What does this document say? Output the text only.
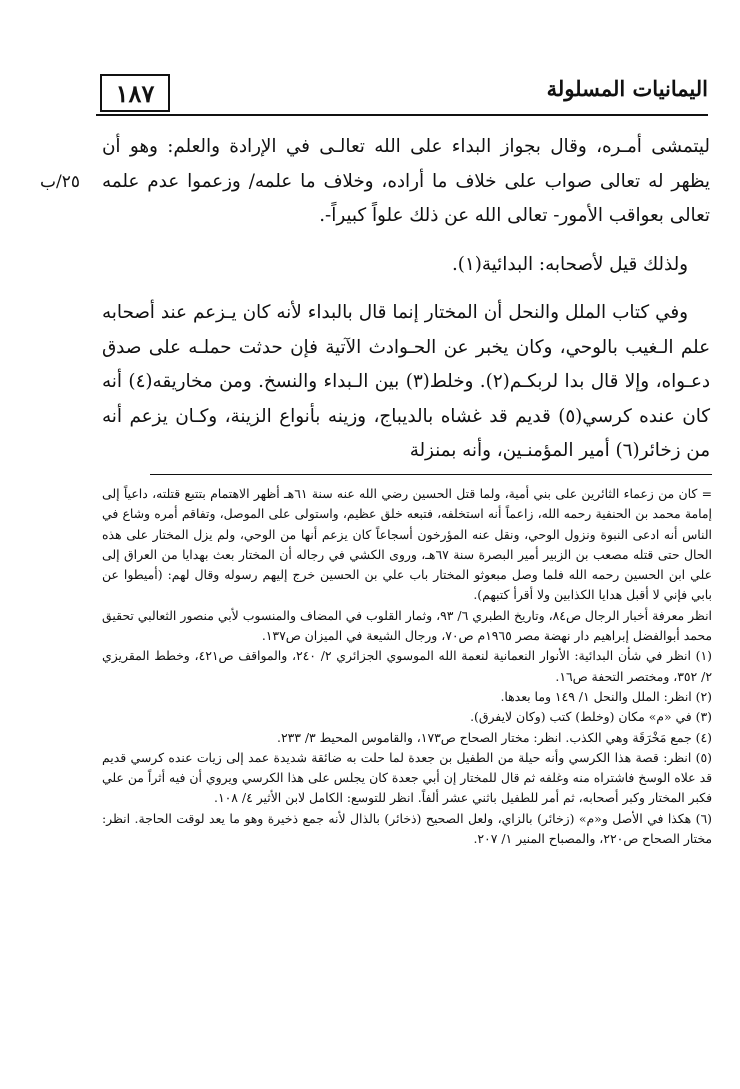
١٨٧	اليمانيات المسلولة
٢٥/ب

ليتمشى أمـره، وقال بجواز البداء على الله تعالـى في الإرادة والعلم: وهو أن يظهر له تعالى صواب على خلاف ما أراده، وخلاف ما علمه/ وزعموا عدم علمه تعالى بعواقب الأمور- تعالى الله عن ذلك علواً كبيراً-.

ولذلك قيل لأصحابه: البدائية(١).

وفي كتاب الملل والنحل أن المختار إنما قال بالبداء لأنه كان يـزعم عند أصحابه علم الـغيب بالوحي، وكان يخبر عن الحـوادث الآتية فإن حدثت حملـه على صدق دعـواه، وإلا قال بدا لربكـم(٢). وخلط(٣) بين الـبداء والنسخ. ومن مخاريقه(٤) أنه كان عنده كرسي(٥) قديم قد غشاه بالديباج، وزينه بأنواع الزينة، وكـان يزعم أنه من زخائر(٦) أمير المؤمنـين، وأنه بمنزلة

= كان من زعماء الثائرين على بني أمية، ولما قتل الحسين رضي الله عنه سنة ٦١هـ أظهر الاهتمام بتتبع قتلته، داعياً إلى إمامة محمد بن الحنفية رحمه الله، زاعماً أنه استخلفه، فتبعه خلق عظيم، واستولى على الموصل، وتفاقم أمره وشاع في الناس أنه ادعى النبوة ونزول الوحي، ونقل عنه المؤرخون أسجاعاً كان يزعم أنها من الوحي، ولم يزل المختار على هذه الحال حتى قتله مصعب بن الزبير أمير البصرة سنة ٦٧هـ، وروى الكشي في رجاله أن المختار بعث بهدايا من العراق إلى علي ابن الحسين رحمه الله فلما وصل مبعوثو المختار باب علي بن الحسين خرج إليهم رسوله وقال لهم: (أميطوا عن بابي فإني لا أقبل هدايا الكذابين ولا أقرأ كتبهم).

انظر معرفة أخبار الرجال ص٨٤، وتاريخ الطبري ٦/ ٩٣، وثمار القلوب في المضاف والمنسوب لأبي منصور الثعالبي تحقيق محمد أبوالفضل إبراهيم دار نهضة مصر ١٩٦٥م ص٧٠، ورجال الشيعة في الميزان ص١٣٧.

(١) انظر في شأن البدائية: الأنوار النعمانية لنعمة الله الموسوي الجزائري ٢/ ٢٤٠، والمواقف ص٤٢١، وخطط المقريزي ٢/ ٣٥٢، ومختصر التحفة ص١٦.

(٢) انظر: الملل والنحل ١/ ١٤٩ وما بعدها.

(٣) في «م» مكان (وخلط) كتب (وكان لايفرق).

(٤) جمع مَخْرَقَة وهي الكذب. انظر: مختار الصحاح ص١٧٣، والقاموس المحيط ٣/ ٢٣٣.

(٥) انظر: قصة هذا الكرسي وأنه حيلة من الطفيل بن جعدة لما حلت به ضائقة شديدة عمد إلى زيات عنده كرسي قديم قد علاه الوسخ فاشتراه منه وغلفه ثم قال للمختار إن أبي جعدة كان يجلس على هذا الكرسي ويروي أن فيه أثراً من علي فكبر المختار وكبر أصحابه، ثم أمر للطفيل باثني عشر ألفاً. انظر للتوسع: الكامل لابن الأثير ٤/ ١٠٨.

(٦) هكذا في الأصل و«م» (زخائر) بالزاي، ولعل الصحيح (ذخائر) بالذال لأنه جمع ذخيرة وهو ما يعد لوقت الحاجة. انظر: مختار الصحاح ص٢٢٠، والمصباح المنير ١/ ٢٠٧.
